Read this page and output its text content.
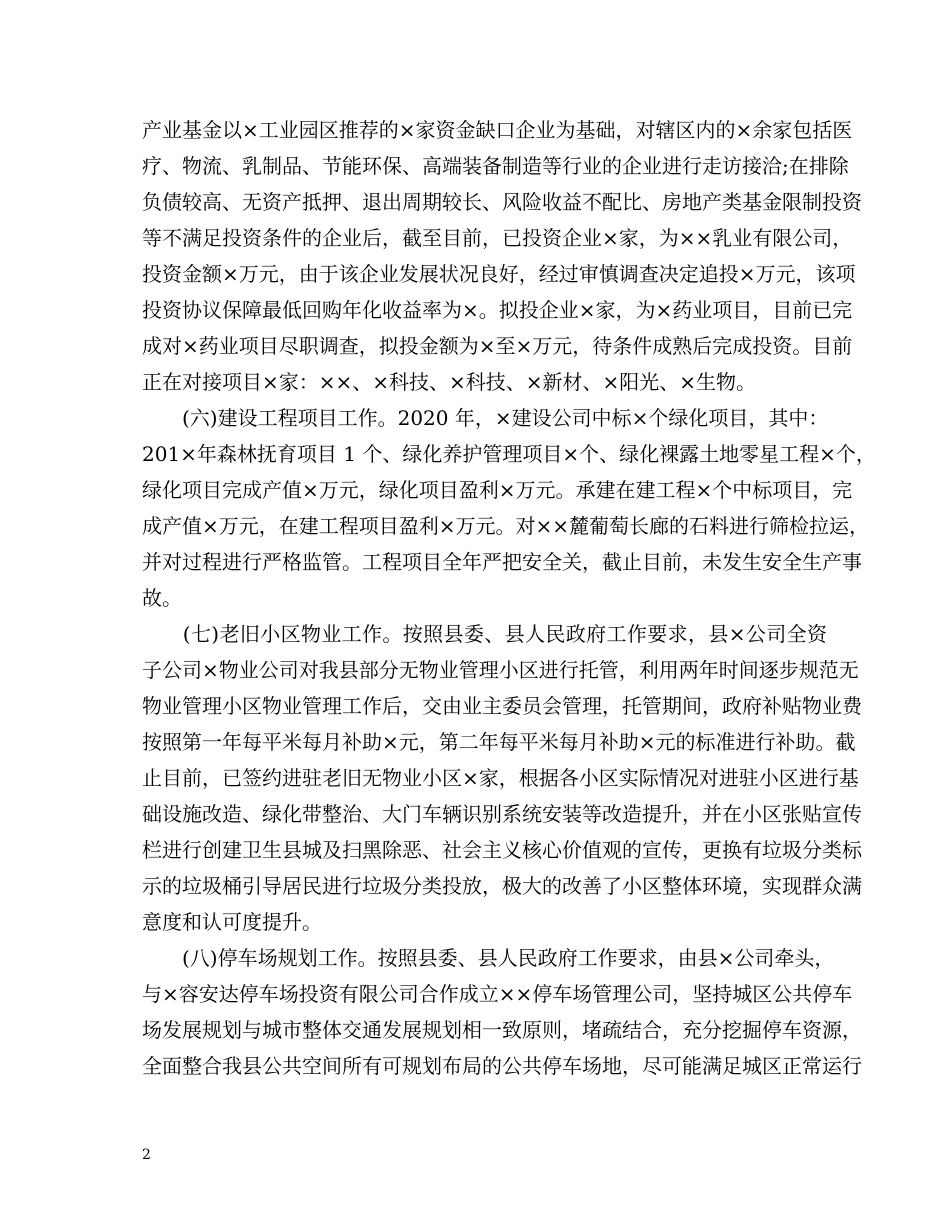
产业基金以×工业园区推荐的×家资金缺口企业为基础，对辖区内的×余家包括医
疗、物流、乳制品、节能环保、高端装备制造等行业的企业进行走访接洽;在排除
负债较高、无资产抵押、退出周期较长、风险收益不配比、房地产类基金限制投资
等不满足投资条件的企业后，截至目前，已投资企业×家，为××乳业有限公司，
投资金额×万元，由于该企业发展状况良好，经过审慎调查决定追投×万元，该项
投资协议保障最低回购年化收益率为×。拟投企业×家，为×药业项目，目前已完
成对×药业项目尽职调查，拟投金额为×至×万元，待条件成熟后完成投资。目前
正在对接项目×家：××、×科技、×科技、×新材、×阳光、×生物。
　　(六)建设工程项目工作。2020 年，×建设公司中标×个绿化项目，其中：
201×年森林抚育项目 1 个、绿化养护管理项目×个、绿化裸露土地零星工程×个，
绿化项目完成产值×万元，绿化项目盈利×万元。承建在建工程×个中标项目，完
成产值×万元，在建工程项目盈利×万元。对××麓葡萄长廊的石料进行筛检拉运，
并对过程进行严格监管。工程项目全年严把安全关，截止目前，未发生安全生产事
故。
　　(七)老旧小区物业工作。按照县委、县人民政府工作要求，县×公司全资
子公司×物业公司对我县部分无物业管理小区进行托管，利用两年时间逐步规范无
物业管理小区物业管理工作后，交由业主委员会管理，托管期间，政府补贴物业费
按照第一年每平米每月补助×元，第二年每平米每月补助×元的标准进行补助。截
止目前，已签约进驻老旧无物业小区×家，根据各小区实际情况对进驻小区进行基
础设施改造、绿化带整治、大门车辆识别系统安装等改造提升，并在小区张贴宣传
栏进行创建卫生县城及扫黑除恶、社会主义核心价值观的宣传，更换有垃圾分类标
示的垃圾桶引导居民进行垃圾分类投放，极大的改善了小区整体环境，实现群众满
意度和认可度提升。
　　(八)停车场规划工作。按照县委、县人民政府工作要求，由县×公司牵头，
与×容安达停车场投资有限公司合作成立××停车场管理公司，坚持城区公共停车
场发展规划与城市整体交通发展规划相一致原则，堵疏结合，充分挖掘停车资源，
全面整合我县公共空间所有可规划布局的公共停车场地，尽可能满足城区正常运行
2
